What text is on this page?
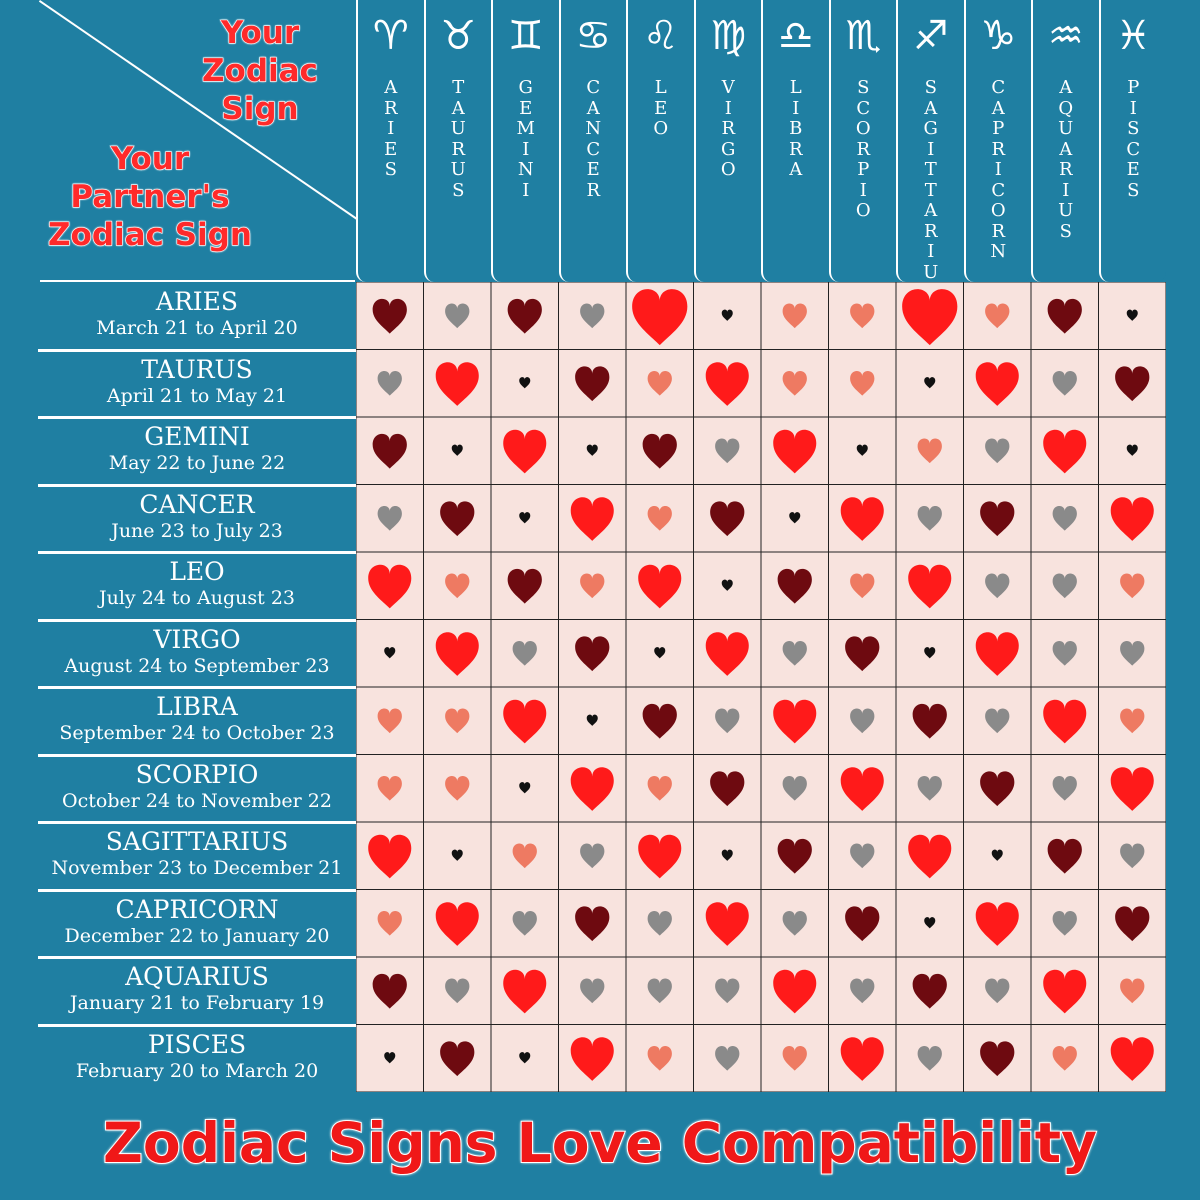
Your
Zodiac
Sign
Your
Partner's
Zodiac Sign
♈
A
R
I
E
S
♉
T
A
U
R
U
S
♊
G
E
M
I
N
I
♋
C
A
N
C
E
R
♌
L
E
O
♍
V
I
R
G
O
♎
L
I
B
R
A
♏
S
C
O
R
P
I
O
♐
S
A
G
I
T
T
A
R
I
U

♑
C
A
P
R
I
C
O
R
N
♒
A
Q
U
A
R
I
U
S
♓
P
I
S
C
E
S
ARIES
March 21 to April 20
TAURUS
April 21 to May 21
GEMINI
May 22 to June 22
CANCER
June 23 to July 23
LEO
July 24 to August 23
VIRGO
August 24 to September 23
LIBRA
September 24 to October 23
SCORPIO
October 24 to November 22
SAGITTARIUS
November 23 to December 21
CAPRICORN
December 22 to January 20
AQUARIUS
January 21 to February 19
PISCES
February 20 to March 20
Zodiac Signs Love Compatibility
